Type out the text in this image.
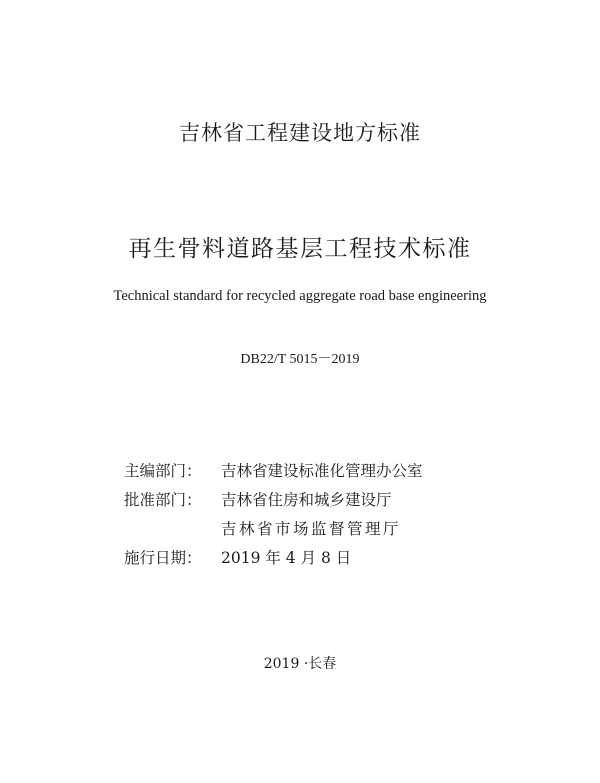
吉林省工程建设地方标准
再生骨料道路基层工程技术标准
Technical standard for recycled aggregate road base engineering
DB22/T 5015－2019
主编部门：	吉林省建设标准化管理办公室
批准部门：	吉林省住房和城乡建设厅
吉林省市场监督管理厅
施行日期：	2019 年 4 月 8 日
2019 ·长春
